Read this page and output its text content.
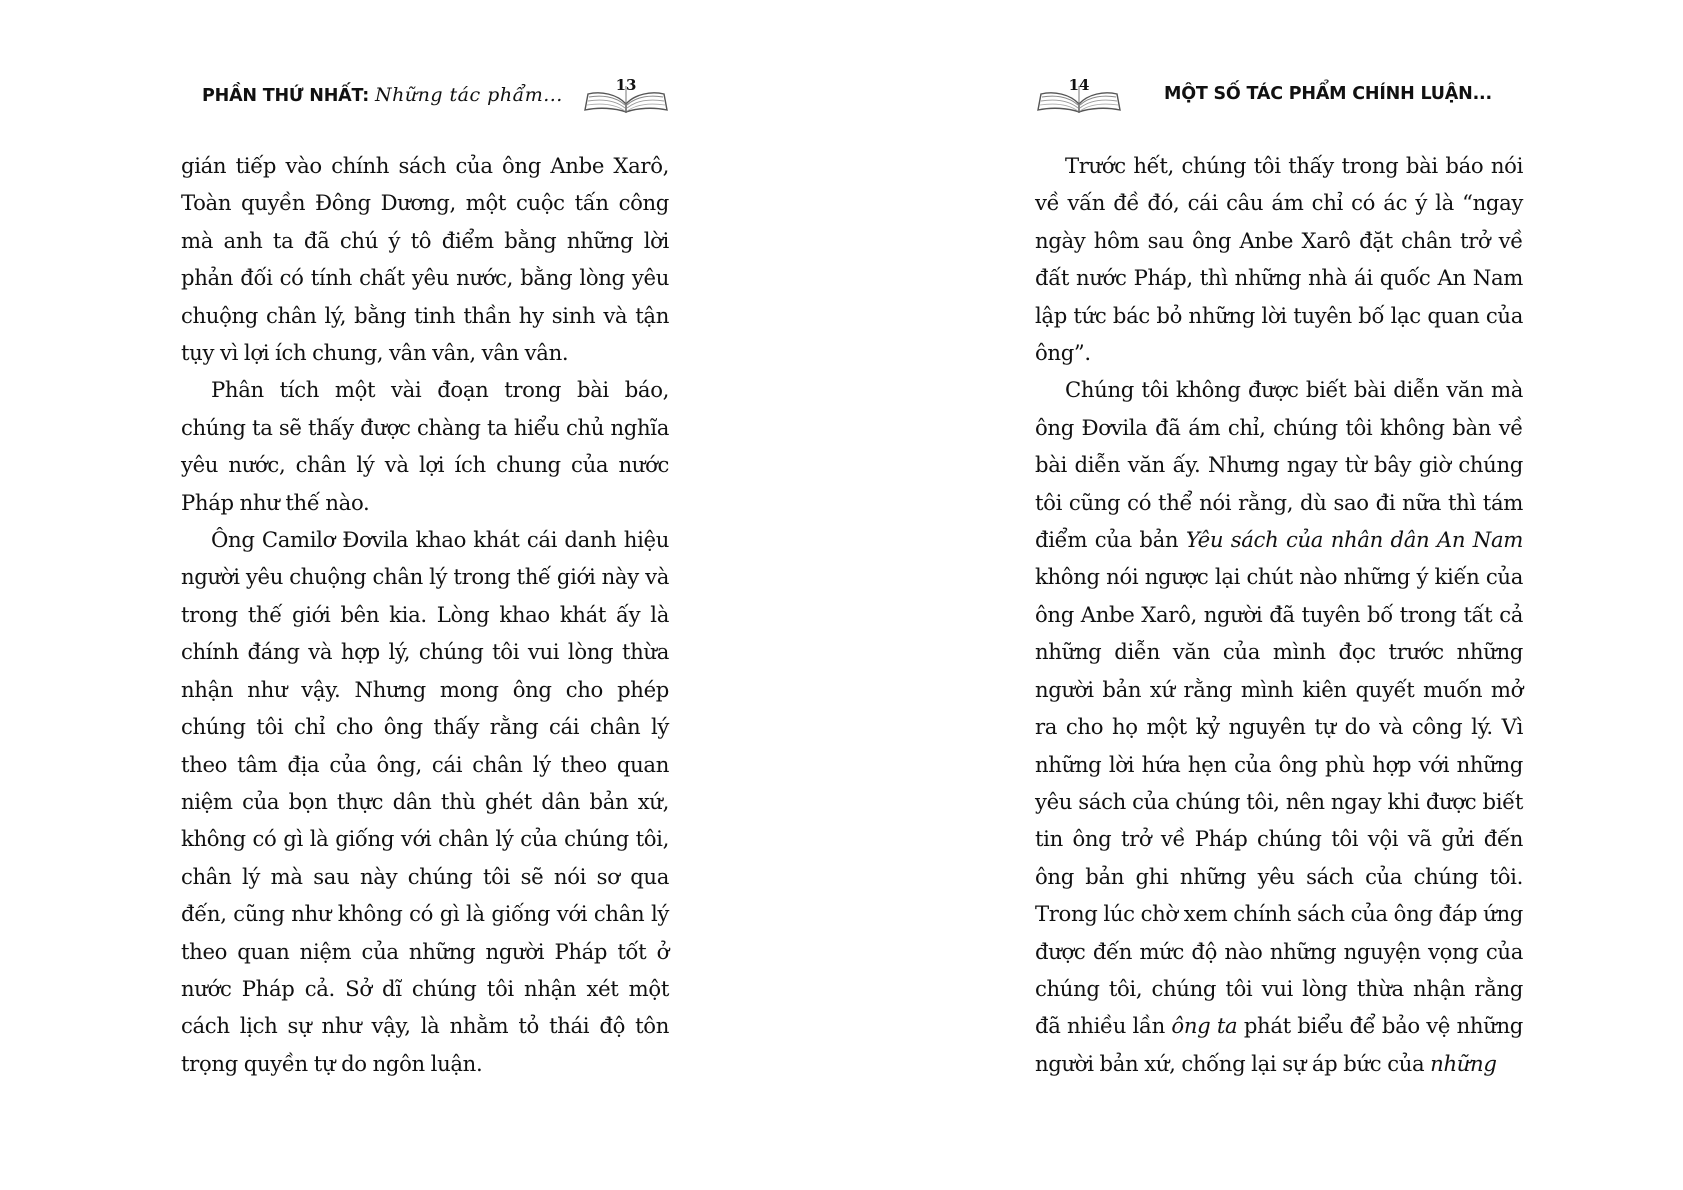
PHẦN THỨ NHẤT: Những tác phẩm...	13

gián tiếp vào chính sách của ông Anbe Xarô, Toàn quyền Đông Dương, một cuộc tấn công mà anh ta đã chú ý tô điểm bằng những lời phản đối có tính chất yêu nước, bằng lòng yêu chuộng chân lý, bằng tinh thần hy sinh và tận tụy vì lợi ích chung, vân vân, vân vân.

Phân tích một vài đoạn trong bài báo, chúng ta sẽ thấy được chàng ta hiểu chủ nghĩa yêu nước, chân lý và lợi ích chung của nước Pháp như thế nào.

Ông Camilơ Đơvila khao khát cái danh hiệu người yêu chuộng chân lý trong thế giới này và trong thế giới bên kia. Lòng khao khát ấy là chính đáng và hợp lý, chúng tôi vui lòng thừa nhận như vậy. Nhưng mong ông cho phép chúng tôi chỉ cho ông thấy rằng cái chân lý theo tâm địa của ông, cái chân lý theo quan niệm của bọn thực dân thù ghét dân bản xứ, không có gì là giống với chân lý của chúng tôi, chân lý mà sau này chúng tôi sẽ nói sơ qua đến, cũng như không có gì là giống với chân lý theo quan niệm của những người Pháp tốt ở nước Pháp cả. Sở dĩ chúng tôi nhận xét một cách lịch sự như vậy, là nhằm tỏ thái độ tôn trọng quyền tự do ngôn luận.

14	MỘT SỐ TÁC PHẨM CHÍNH LUẬN...

Trước hết, chúng tôi thấy trong bài báo nói về vấn đề đó, cái câu ám chỉ có ác ý là “ngay ngày hôm sau ông Anbe Xarô đặt chân trở về đất nước Pháp, thì những nhà ái quốc An Nam lập tức bác bỏ những lời tuyên bố lạc quan của ông”.

Chúng tôi không được biết bài diễn văn mà ông Đơvila đã ám chỉ, chúng tôi không bàn về bài diễn văn ấy. Nhưng ngay từ bây giờ chúng tôi cũng có thể nói rằng, dù sao đi nữa thì tám điểm của bản Yêu sách của nhân dân An Nam không nói ngược lại chút nào những ý kiến của ông Anbe Xarô, người đã tuyên bố trong tất cả những diễn văn của mình đọc trước những người bản xứ rằng mình kiên quyết muốn mở ra cho họ một kỷ nguyên tự do và công lý. Vì những lời hứa hẹn của ông phù hợp với những yêu sách của chúng tôi, nên ngay khi được biết tin ông trở về Pháp chúng tôi vội vã gửi đến ông bản ghi những yêu sách của chúng tôi. Trong lúc chờ xem chính sách của ông đáp ứng được đến mức độ nào những nguyện vọng của chúng tôi, chúng tôi vui lòng thừa nhận rằng đã nhiều lần ông ta phát biểu để bảo vệ những người bản xứ, chống lại sự áp bức của những
